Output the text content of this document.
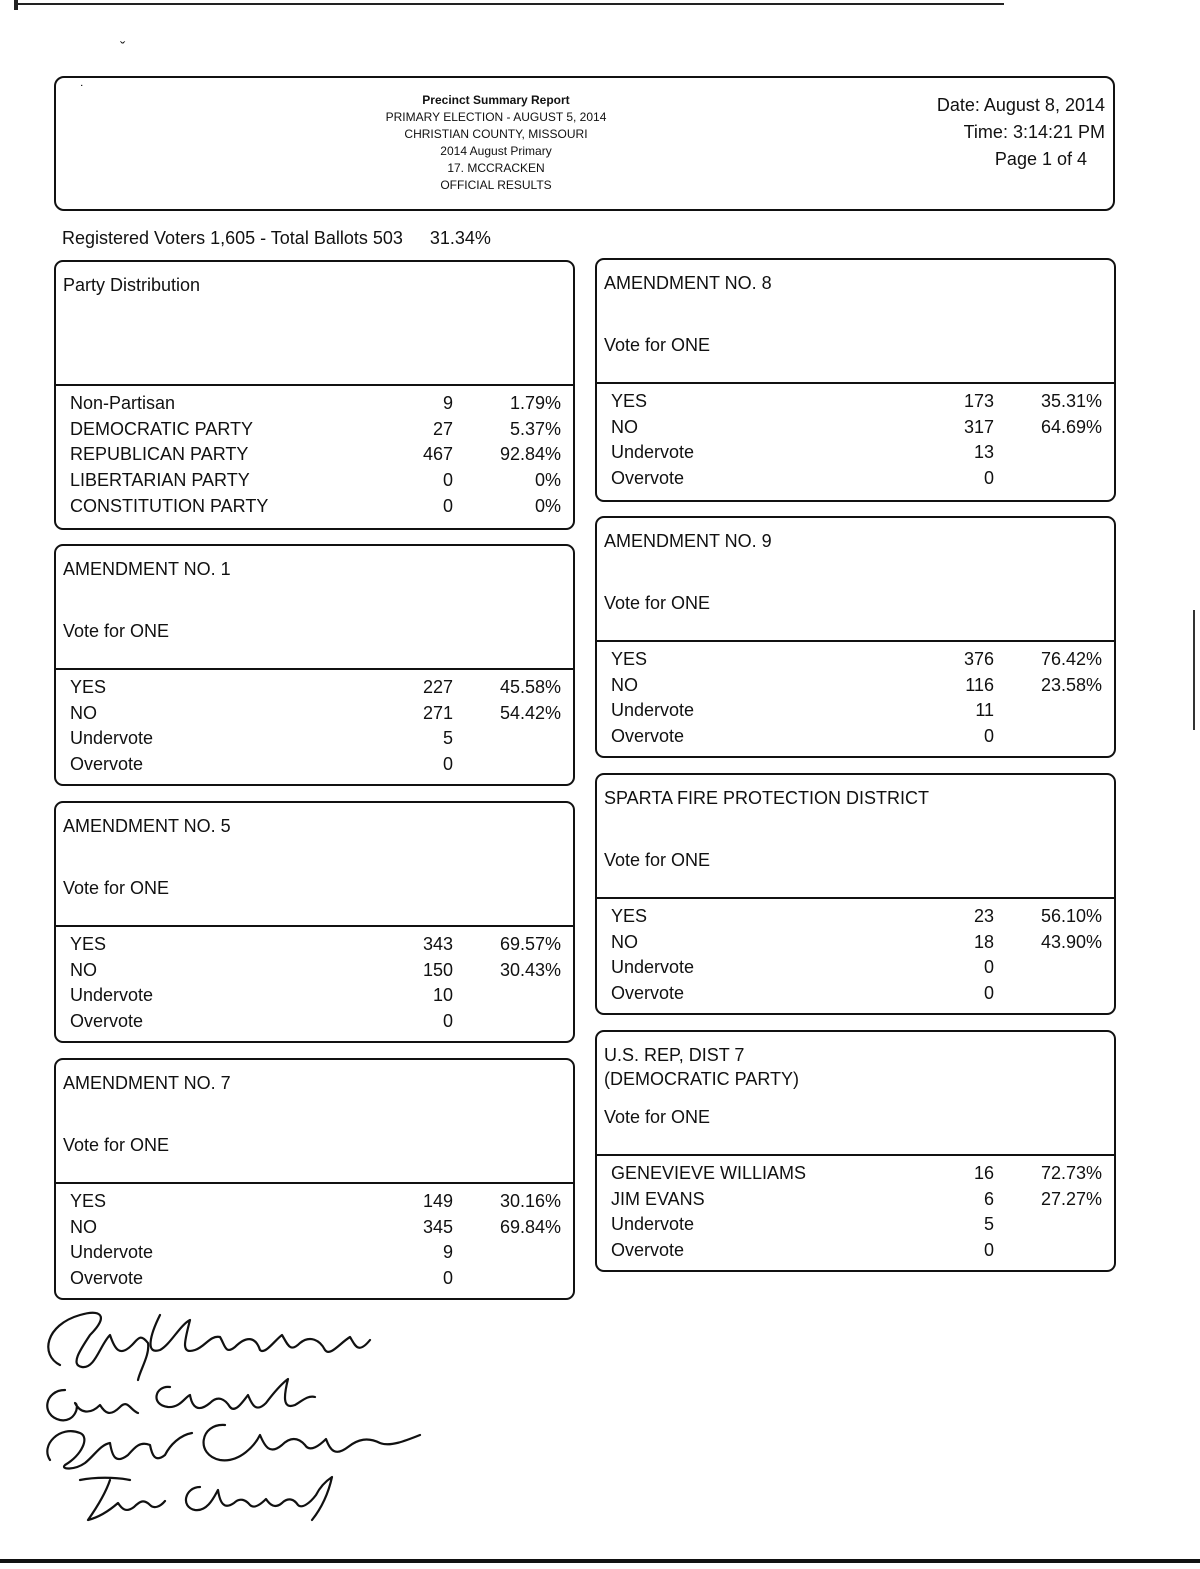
ˇ
˙
Precinct Summary Report
PRIMARY ELECTION - AUGUST 5, 2014
CHRISTIAN COUNTY, MISSOURI
2014 August Primary
17. MCCRACKEN
OFFICIAL RESULTS
Date: August 8, 2014
Time: 3:14:21 PM
Page 1 of 4
Registered Voters 1,605 - Total Ballots 503 31.34%
Party Distribution
Non-Partisan	9	1.79%
DEMOCRATIC PARTY	27	5.37%
REPUBLICAN PARTY	467	92.84%
LIBERTARIAN PARTY	0	0%
CONSTITUTION PARTY	0	0%
AMENDMENT NO. 1
Vote for ONE
YES	227	45.58%
NO	271	54.42%
Undervote	5
Overvote	0
AMENDMENT NO. 5
Vote for ONE
YES	343	69.57%
NO	150	30.43%
Undervote	10
Overvote	0
AMENDMENT NO. 7
Vote for ONE
YES	149	30.16%
NO	345	69.84%
Undervote	9
Overvote	0
AMENDMENT NO. 8
Vote for ONE
YES	173	35.31%
NO	317	64.69%
Undervote	13
Overvote	0
AMENDMENT NO. 9
Vote for ONE
YES	376	76.42%
NO	116	23.58%
Undervote	11
Overvote	0
SPARTA FIRE PROTECTION DISTRICT
Vote for ONE
YES	23	56.10%
NO	18	43.90%
Undervote	0
Overvote	0
U.S. REP, DIST 7
(DEMOCRATIC PARTY)
Vote for ONE
GENEVIEVE WILLIAMS	16	72.73%
JIM EVANS	6	27.27%
Undervote	5
Overvote	0
